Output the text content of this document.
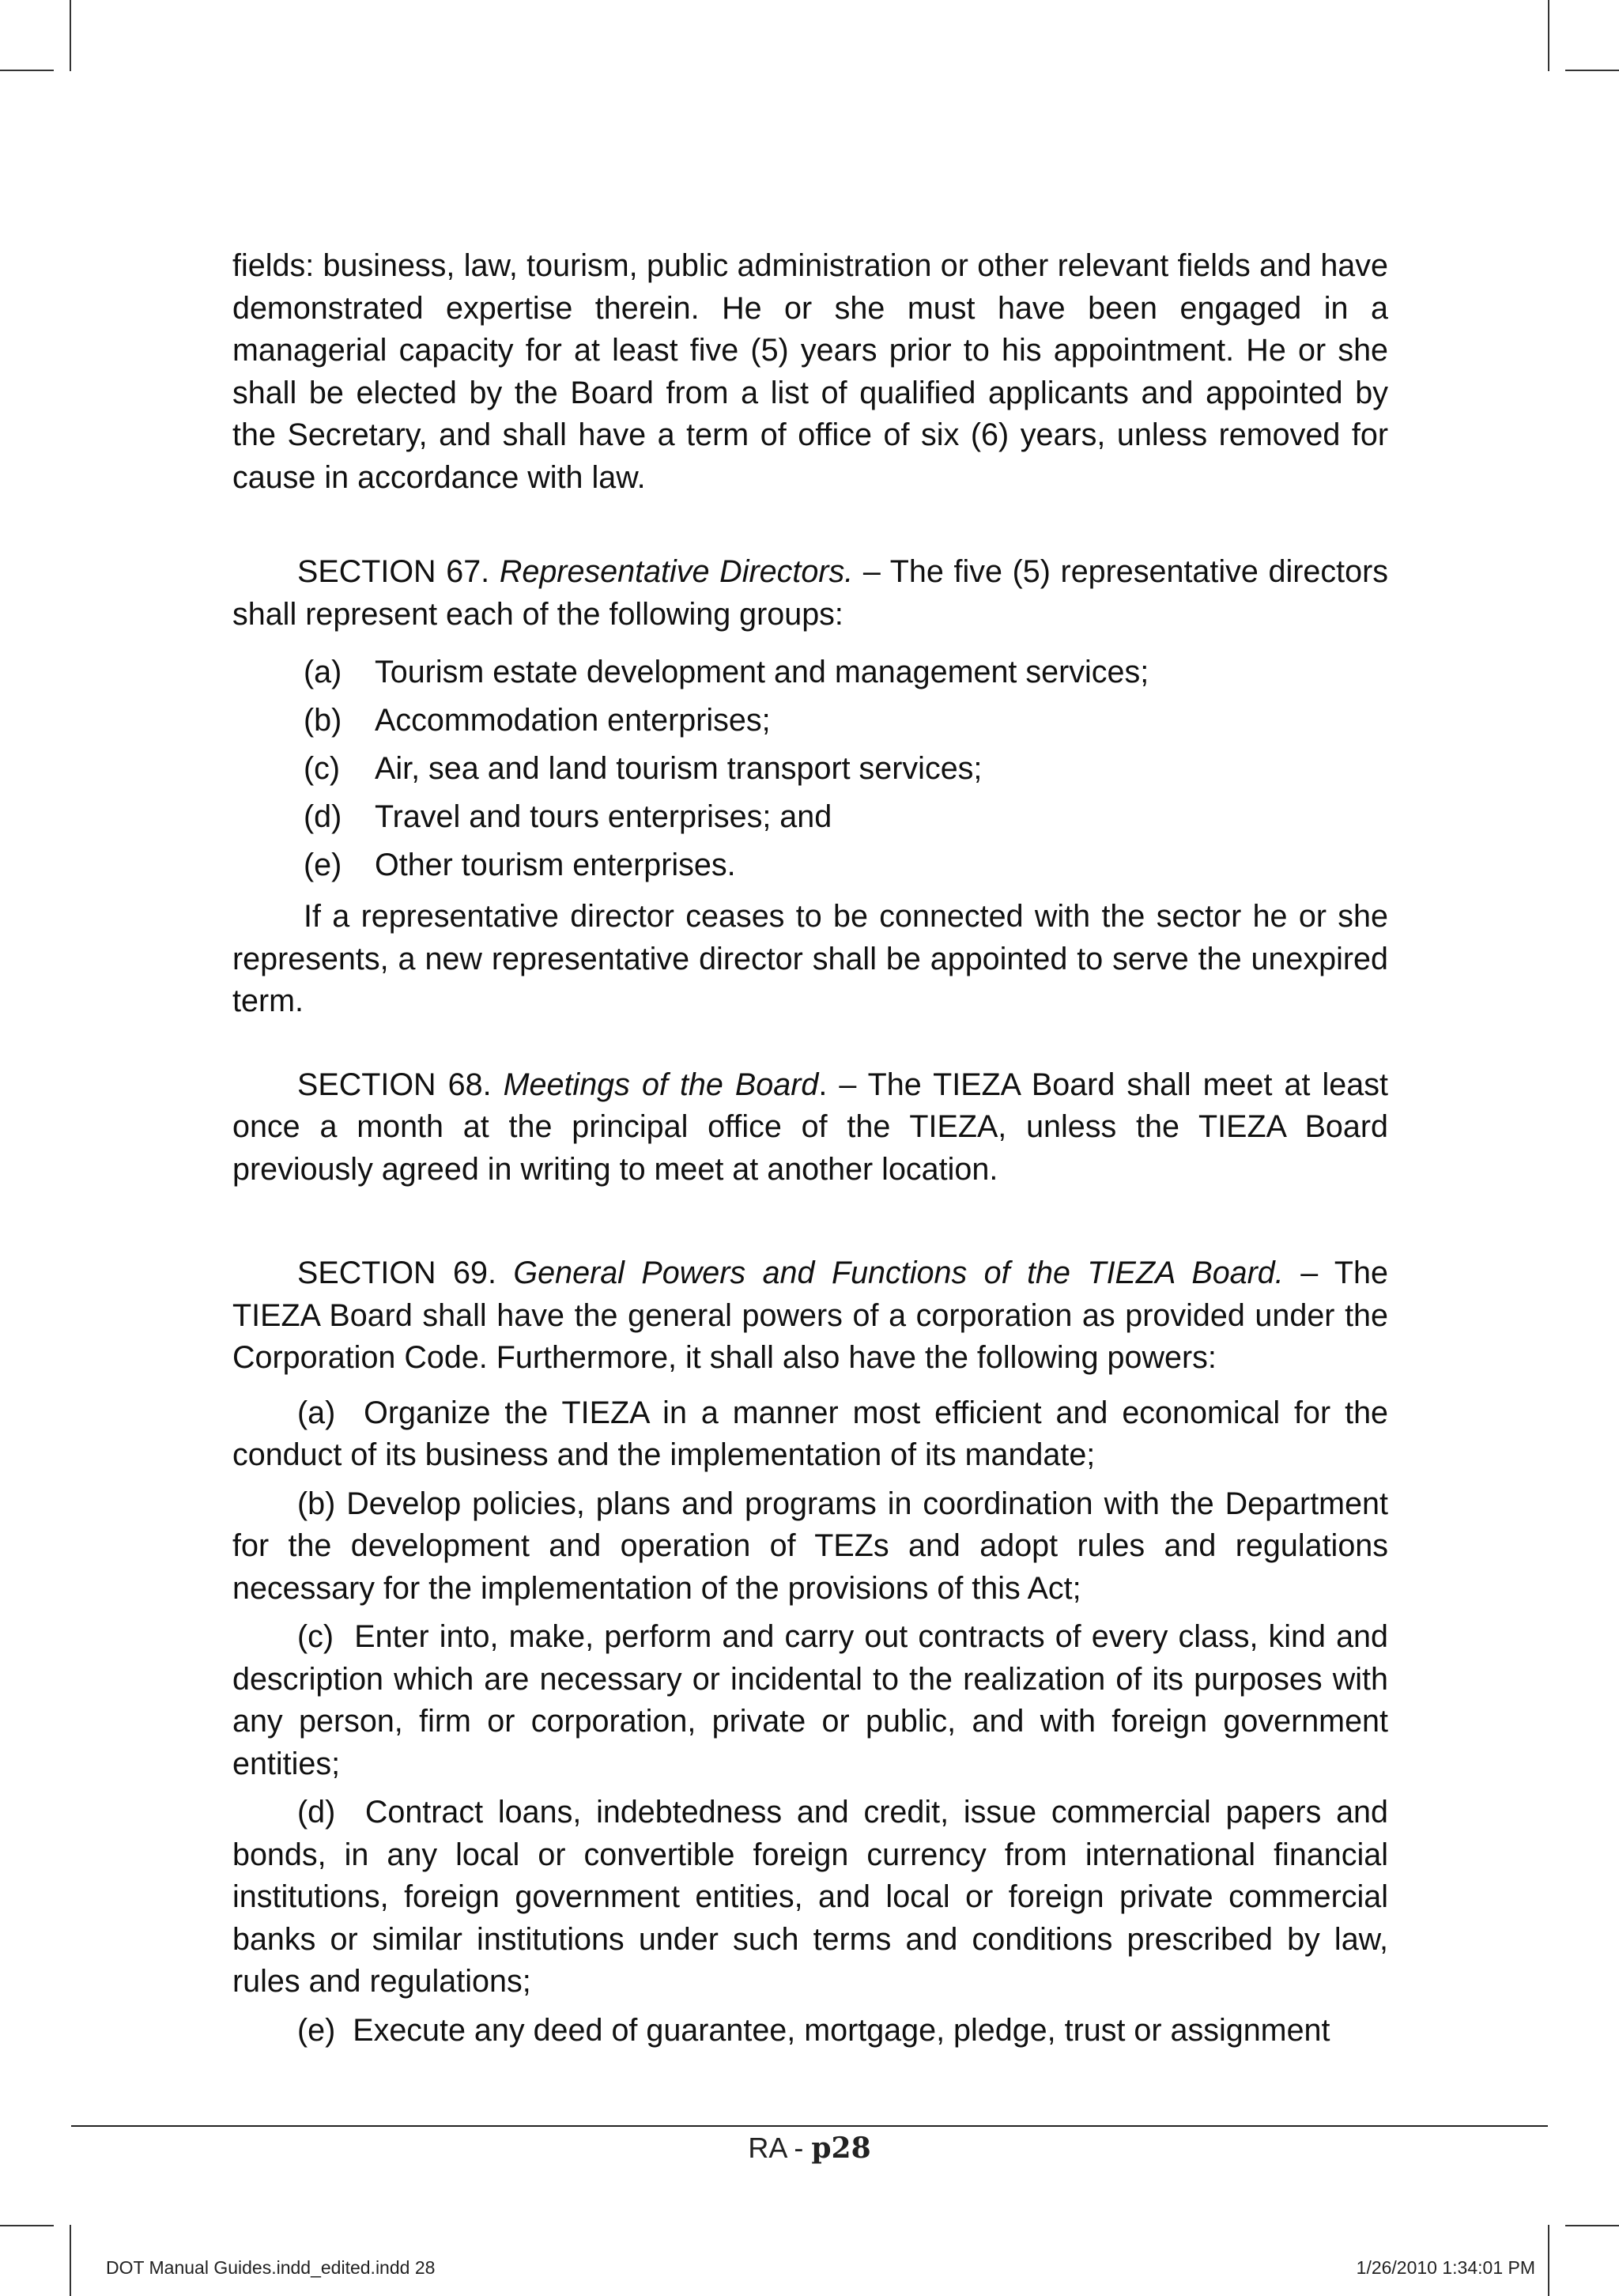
fields: business, law, tourism, public administration or other relevant fields and have demonstrated expertise therein. He or she must have been engaged in a managerial capacity for at least five (5) years prior to his appointment. He or she shall be elected by the Board from a list of qualified applicants and appointed by the Secretary, and shall have a term of office of six (6) years, unless removed for cause in accordance with law.

SECTION 67. Representative Directors. – The five (5) representative directors shall represent each of the following groups:

(a)	Tourism estate development and management services;
(b)	Accommodation enterprises;
(c)	Air, sea and land tourism transport services;
(d)	Travel and tours enterprises; and
(e)	Other tourism enterprises.

If a representative director ceases to be connected with the sector he or she represents, a new representative director shall be appointed to serve the unexpired term.

SECTION 68. Meetings of the Board. – The TIEZA Board shall meet at least once a month at the principal office of the TIEZA, unless the TIEZA Board previously agreed in writing to meet at another location.

SECTION 69. General Powers and Functions of the TIEZA Board. – The TIEZA Board shall have the general powers of a corporation as provided under the Corporation Code. Furthermore, it shall also have the following powers:

(a) Organize the TIEZA in a manner most efficient and economical for the conduct of its business and the implementation of its mandate;

(b) Develop policies, plans and programs in coordination with the Department for the development and operation of TEZs and adopt rules and regulations necessary for the implementation of the provisions of this Act;

(c) Enter into, make, perform and carry out contracts of every class, kind and description which are necessary or incidental to the realization of its purposes with any person, firm or corporation, private or public, and with foreign government entities;

(d) Contract loans, indebtedness and credit, issue commercial papers and bonds, in any local or convertible foreign currency from international financial institutions, foreign government entities, and local or foreign private commercial banks or similar institutions under such terms and conditions prescribed by law, rules and regulations;

(e) Execute any deed of guarantee, mortgage, pledge, trust or assignment

RA - p28
DOT Manual Guides.indd_edited.indd 28	1/26/2010 1:34:01 PM
